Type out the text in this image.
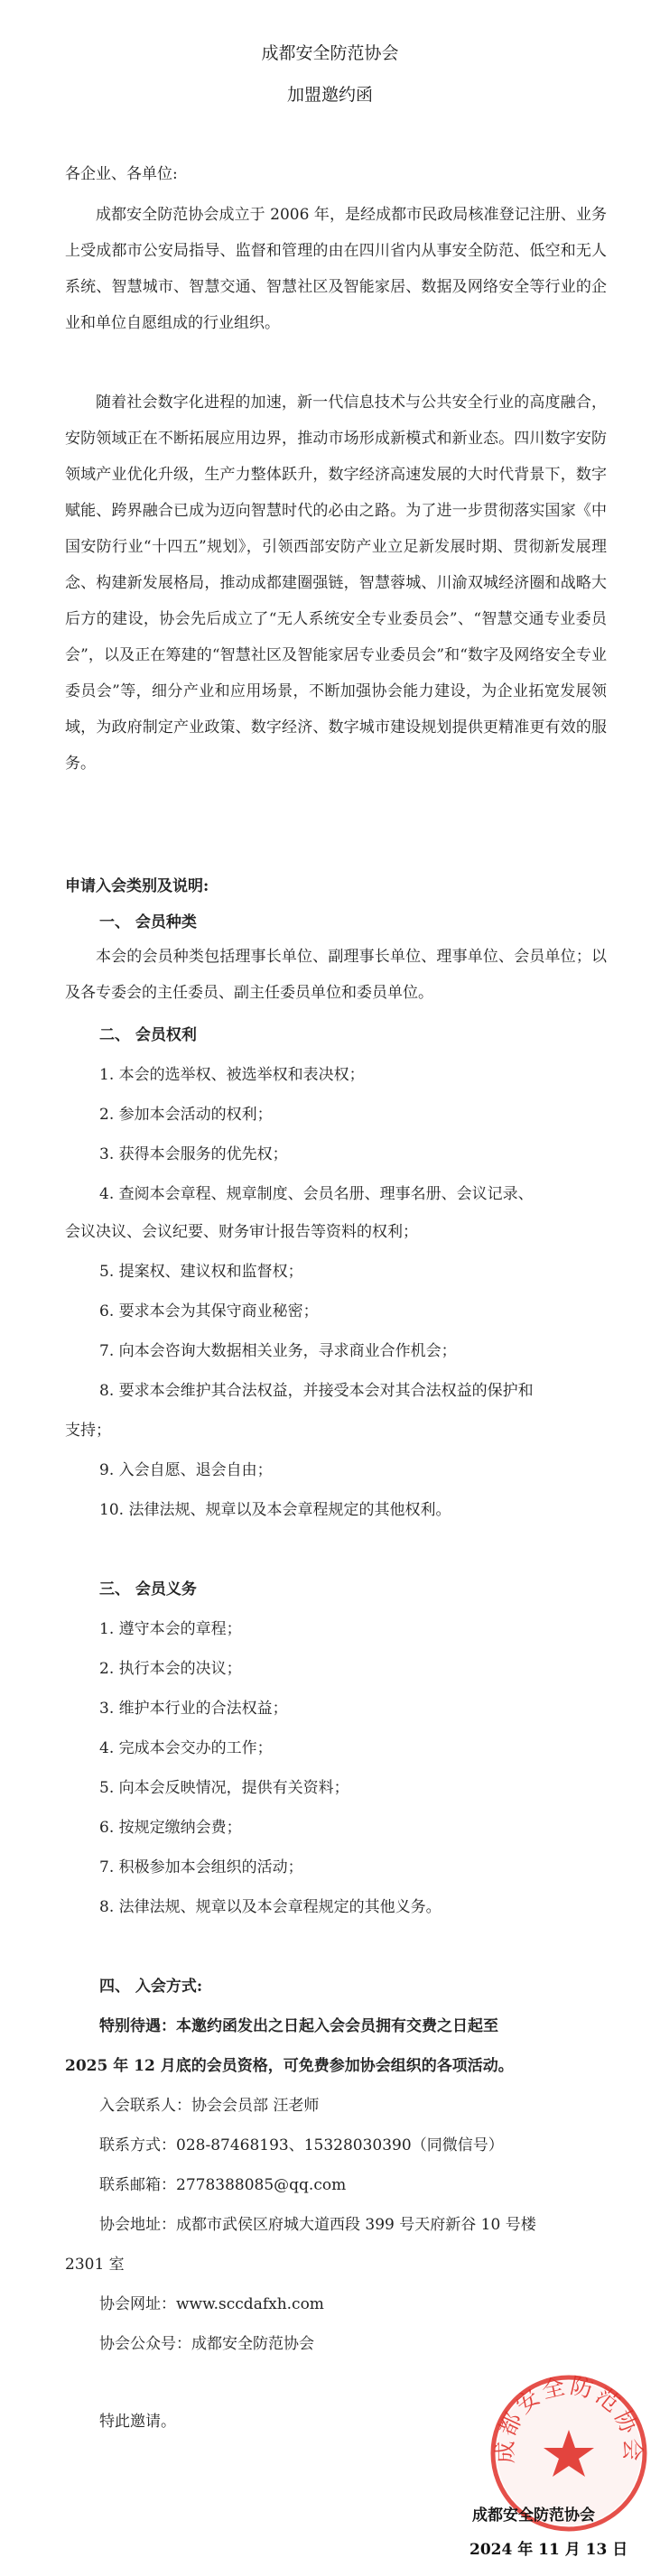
成都安全防范协会
加盟邀约函
各企业、各单位:
成都安全防范协会成立于 2006 年，是经成都市民政局核准登记注册、业务上受成都市公安局指导、监督和管理的由在四川省内从事安全防范、低空和无人系统、智慧城市、智慧交通、智慧社区及智能家居、数据及网络安全等行业的企业和单位自愿组成的行业组织。
随着社会数字化进程的加速，新一代信息技术与公共安全行业的高度融合，安防领域正在不断拓展应用边界，推动市场形成新模式和新业态。四川数字安防领域产业优化升级，生产力整体跃升，数字经济高速发展的大时代背景下，数字赋能、跨界融合已成为迈向智慧时代的必由之路。为了进一步贯彻落实国家《中国安防行业“十四五”规划》，引领西部安防产业立足新发展时期、贯彻新发展理念、构建新发展格局，推动成都建圈强链，智慧蓉城、川渝双城经济圈和战略大后方的建设，协会先后成立了“无人系统安全专业委员会”、“智慧交通专业委员会”，以及正在筹建的“智慧社区及智能家居专业委员会”和“数字及网络安全专业委员会”等，细分产业和应用场景，不断加强协会能力建设，为企业拓宽发展领域，为政府制定产业政策、数字经济、数字城市建设规划提供更精准更有效的服务。
申请入会类别及说明:
一、 会员种类
本会的会员种类包括理事长单位、副理事长单位、理事单位、会员单位；以及各专委会的主任委员、副主任委员单位和委员单位。
二、 会员权利
1. 本会的选举权、被选举权和表决权；
2. 参加本会活动的权利；
3. 获得本会服务的优先权；
4. 查阅本会章程、规章制度、会员名册、理事名册、会议记录、
会议决议、会议纪要、财务审计报告等资料的权利；
5. 提案权、建议权和监督权；
6. 要求本会为其保守商业秘密；
7. 向本会咨询大数据相关业务，寻求商业合作机会；
8. 要求本会维护其合法权益，并接受本会对其合法权益的保护和
支持；
9. 入会自愿、退会自由；
10. 法律法规、规章以及本会章程规定的其他权利。
三、 会员义务
1. 遵守本会的章程；
2. 执行本会的决议；
3. 维护本行业的合法权益；
4. 完成本会交办的工作；
5. 向本会反映情况，提供有关资料；
6. 按规定缴纳会费；
7. 积极参加本会组织的活动；
8. 法律法规、规章以及本会章程规定的其他义务。
四、 入会方式:
特别待遇：本邀约函发出之日起入会会员拥有交费之日起至
2025 年 12 月底的会员资格，可免费参加协会组织的各项活动。
入会联系人：协会会员部 汪老师
联系方式：028-87468193、15328030390（同微信号）
联系邮箱：2778388085@qq.com
协会地址：成都市武侯区府城大道西段 399 号天府新谷 10 号楼
2301 室
协会网址：www.sccdafxh.com
协会公众号：成都安全防范协会
特此邀请。
成都安全防范协会
成都安全防范协会
2024 年 11 月 13 日
